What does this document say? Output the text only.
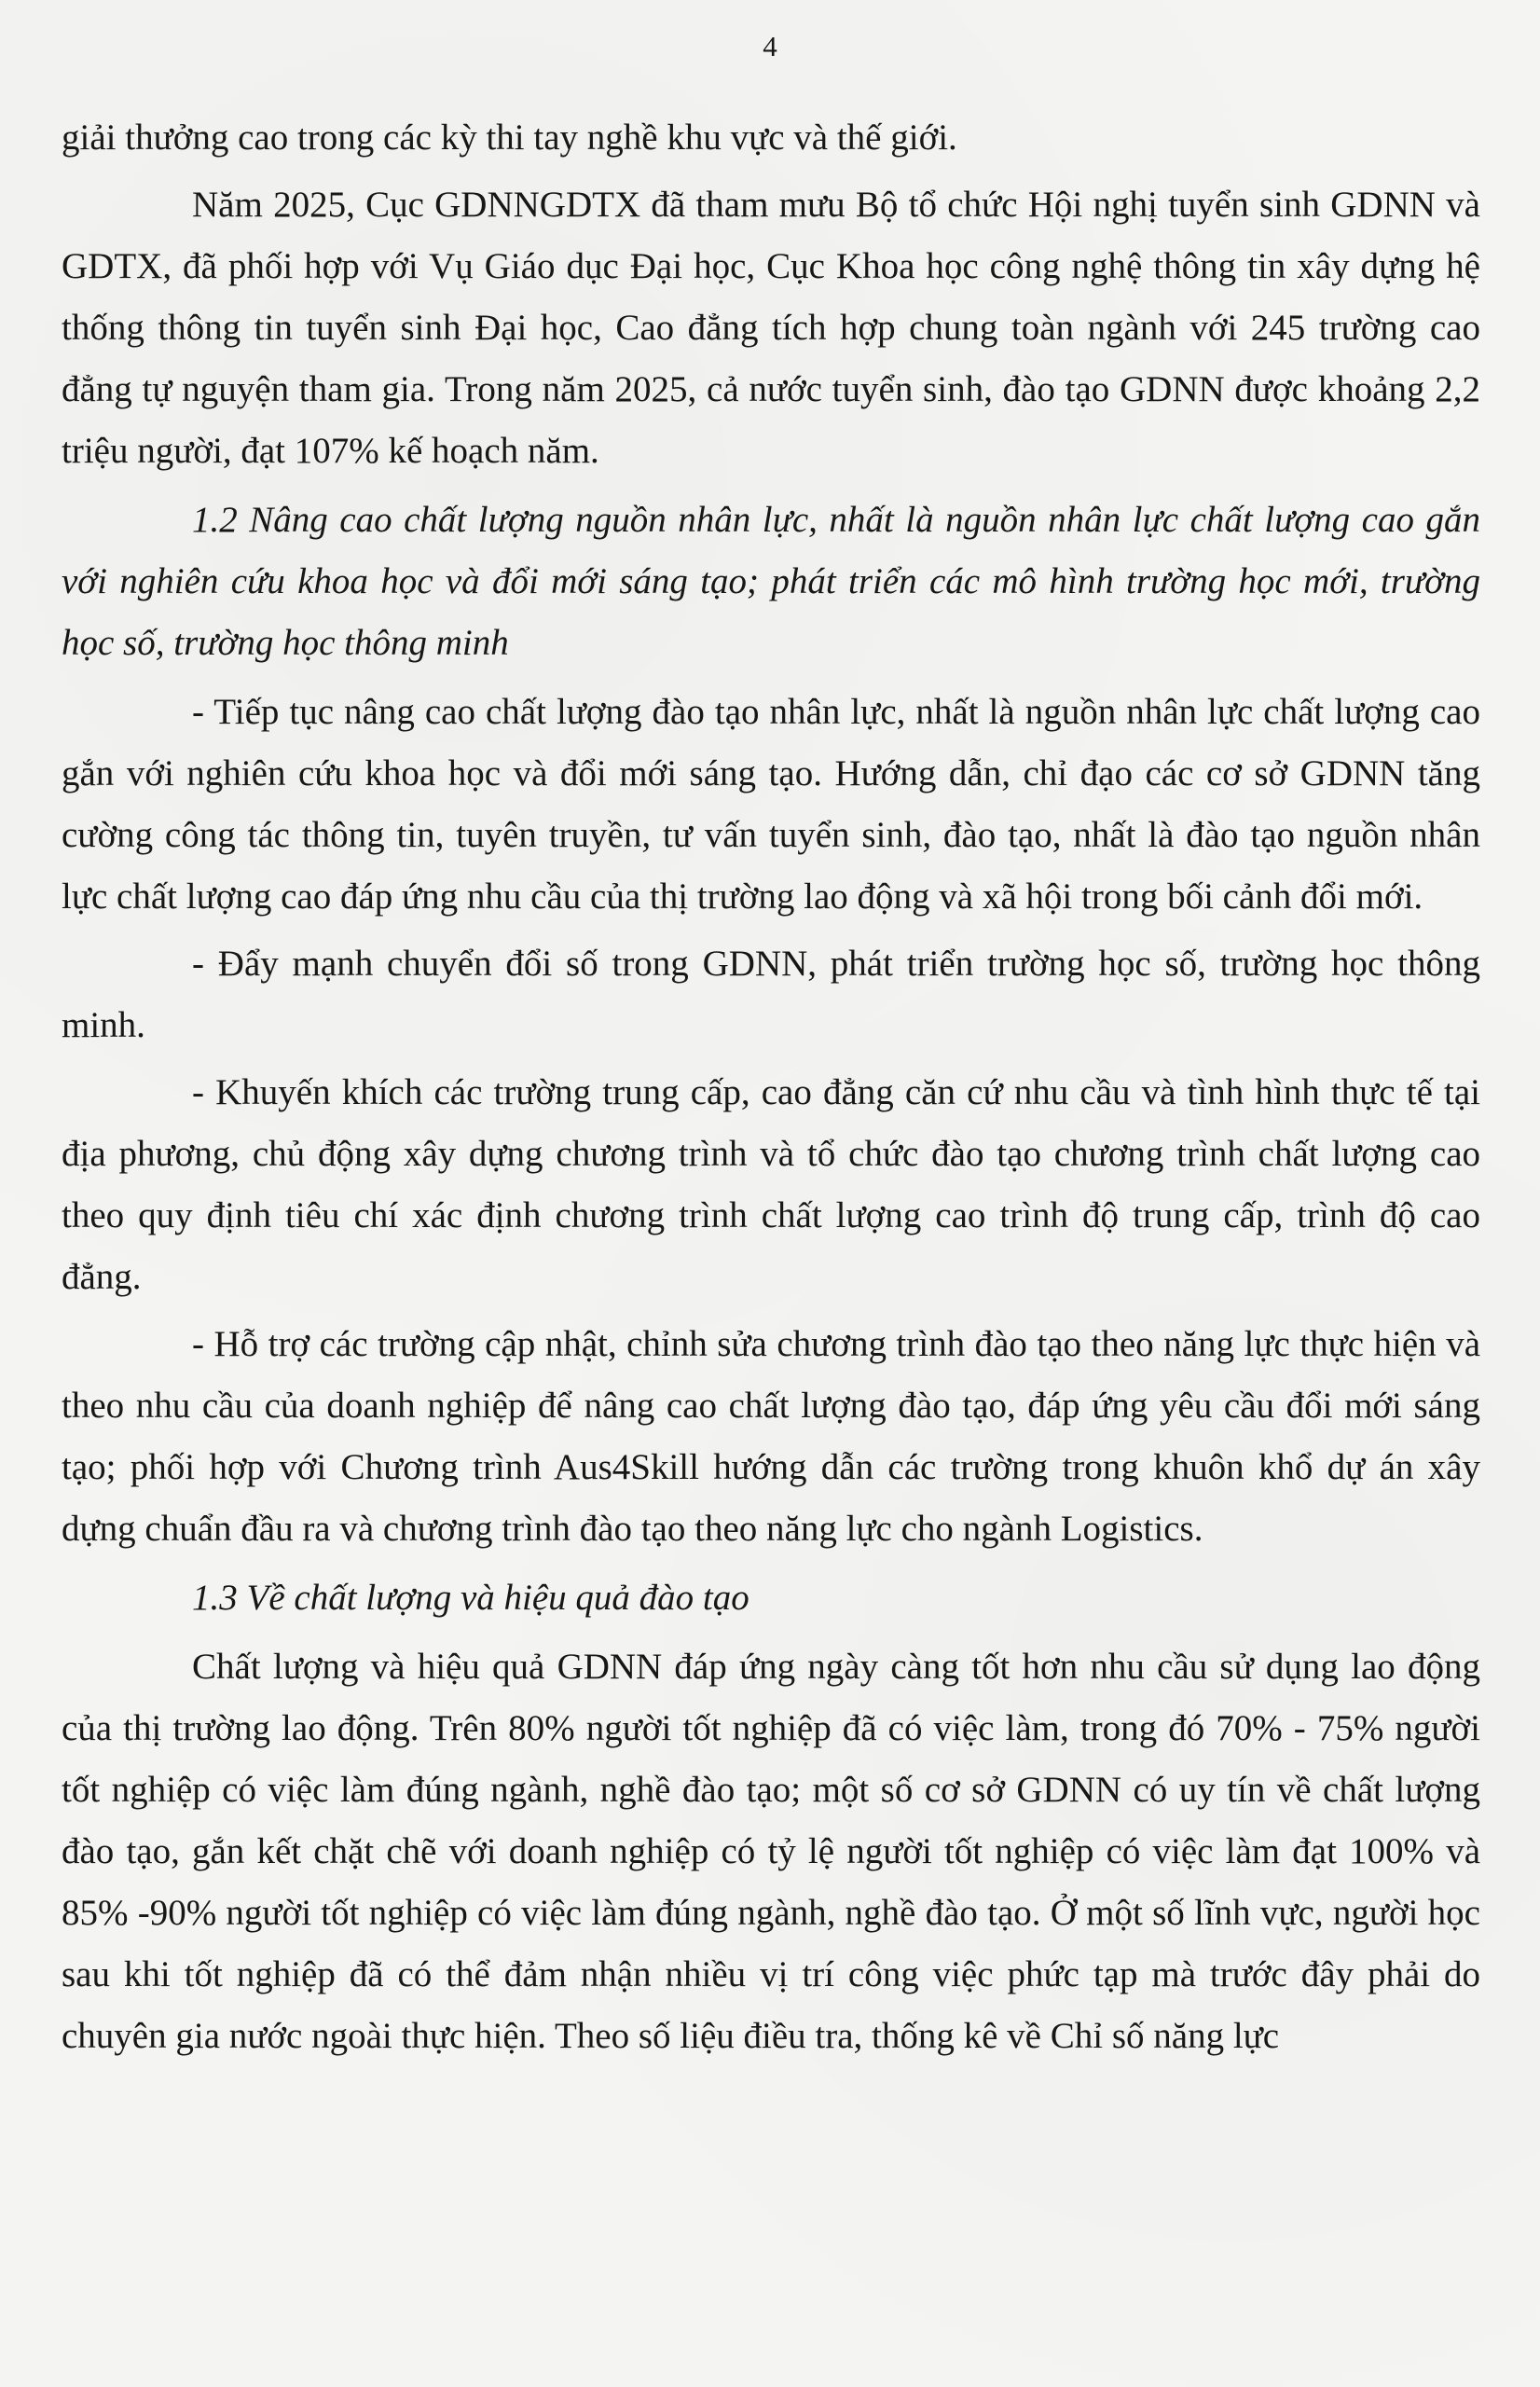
4

giải thưởng cao trong các kỳ thi tay nghề khu vực và thế giới.

Năm 2025, Cục GDNNGDTX đã tham mưu Bộ tổ chức Hội nghị tuyển sinh GDNN và GDTX, đã phối hợp với Vụ Giáo dục Đại học, Cục Khoa học công nghệ thông tin xây dựng hệ thống thông tin tuyển sinh Đại học, Cao đẳng tích hợp chung toàn ngành với 245 trường cao đẳng tự nguyện tham gia. Trong năm 2025, cả nước tuyển sinh, đào tạo GDNN được khoảng 2,2 triệu người, đạt 107% kế hoạch năm.

1.2 Nâng cao chất lượng nguồn nhân lực, nhất là nguồn nhân lực chất lượng cao gắn với nghiên cứu khoa học và đổi mới sáng tạo; phát triển các mô hình trường học mới, trường học số, trường học thông minh

- Tiếp tục nâng cao chất lượng đào tạo nhân lực, nhất là nguồn nhân lực chất lượng cao gắn với nghiên cứu khoa học và đổi mới sáng tạo. Hướng dẫn, chỉ đạo các cơ sở GDNN tăng cường công tác thông tin, tuyên truyền, tư vấn tuyển sinh, đào tạo, nhất là đào tạo nguồn nhân lực chất lượng cao đáp ứng nhu cầu của thị trường lao động và xã hội trong bối cảnh đổi mới.

- Đẩy mạnh chuyển đổi số trong GDNN, phát triển trường học số, trường học thông minh.

- Khuyến khích các trường trung cấp, cao đẳng căn cứ nhu cầu và tình hình thực tế tại địa phương, chủ động xây dựng chương trình và tổ chức đào tạo chương trình chất lượng cao theo quy định tiêu chí xác định chương trình chất lượng cao trình độ trung cấp, trình độ cao đẳng.

- Hỗ trợ các trường cập nhật, chỉnh sửa chương trình đào tạo theo năng lực thực hiện và theo nhu cầu của doanh nghiệp để nâng cao chất lượng đào tạo, đáp ứng yêu cầu đổi mới sáng tạo; phối hợp với Chương trình Aus4Skill hướng dẫn các trường trong khuôn khổ dự án xây dựng chuẩn đầu ra và chương trình đào tạo theo năng lực cho ngành Logistics.

1.3 Về chất lượng và hiệu quả đào tạo

Chất lượng và hiệu quả GDNN đáp ứng ngày càng tốt hơn nhu cầu sử dụng lao động của thị trường lao động. Trên 80% người tốt nghiệp đã có việc làm, trong đó 70% - 75% người tốt nghiệp có việc làm đúng ngành, nghề đào tạo; một số cơ sở GDNN có uy tín về chất lượng đào tạo, gắn kết chặt chẽ với doanh nghiệp có tỷ lệ người tốt nghiệp có việc làm đạt 100% và 85% -90% người tốt nghiệp có việc làm đúng ngành, nghề đào tạo. Ở một số lĩnh vực, người học sau khi tốt nghiệp đã có thể đảm nhận nhiều vị trí công việc phức tạp mà trước đây phải do chuyên gia nước ngoài thực hiện. Theo số liệu điều tra, thống kê về Chỉ số năng lực
